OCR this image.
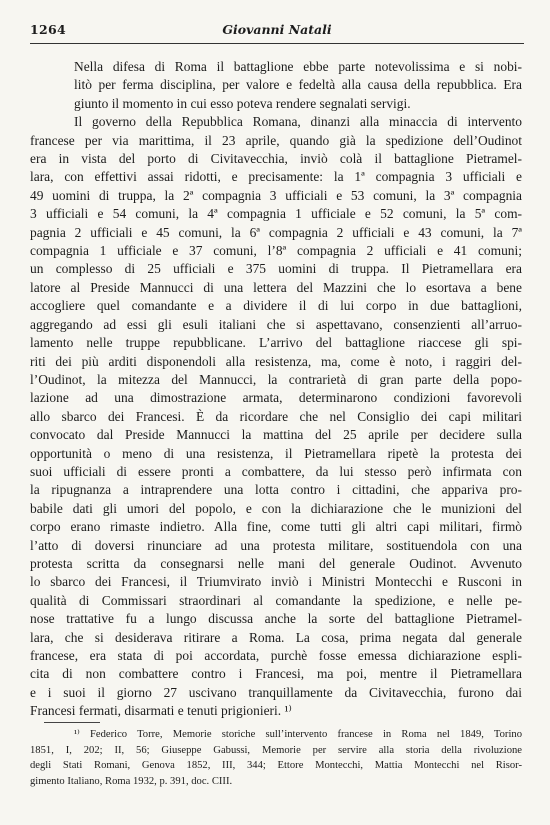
1264	Giovanni Natali

Nella difesa di Roma il battaglione ebbe parte notevolissima e si nobi-
litò per ferma disciplina, per valore e fedeltà alla causa della repubblica. Era
giunto il momento in cui esso poteva rendere segnalati servigi.

Il governo della Repubblica Romana, dinanzi alla minaccia di intervento
francese per via marittima, il 23 aprile, quando già la spedizione dell’Oudinot
era in vista del porto di Civitavecchia, inviò colà il battaglione Pietramel-
lara, con effettivi assai ridotti, e precisamente: la 1ª compagnia 3 ufficiali e
49 uomini di truppa, la 2ª compagnia 3 ufficiali e 53 comuni, la 3ª compagnia
3 ufficiali e 54 comuni, la 4ª compagnia 1 ufficiale e 52 comuni, la 5ª com-
pagnia 2 ufficiali e 45 comuni, la 6ª compagnia 2 ufficiali e 43 comuni, la 7ª
compagnia 1 ufficiale e 37 comuni, l’8ª compagnia 2 ufficiali e 41 comuni;
un complesso di 25 ufficiali e 375 uomini di truppa. Il Pietramellara era
latore al Preside Mannucci di una lettera del Mazzini che lo esortava a bene
accogliere quel comandante e a dividere il di lui corpo in due battaglioni,
aggregando ad essi gli esuli italiani che si aspettavano, consenzienti all’arruo-
lamento nelle truppe repubblicane. L’arrivo del battaglione riaccese gli spi-
riti dei più arditi disponendoli alla resistenza, ma, come è noto, i raggiri del-
l’Oudinot, la mitezza del Mannucci, la contrarietà di gran parte della popo-
lazione ad una dimostrazione armata, determinarono condizioni favorevoli
allo sbarco dei Francesi. È da ricordare che nel Consiglio dei capi militari
convocato dal Preside Mannucci la mattina del 25 aprile per decidere sulla
opportunità o meno di una resistenza, il Pietramellara ripetè la protesta dei
suoi ufficiali di essere pronti a combattere, da lui stesso però infirmata con
la ripugnanza a intraprendere una lotta contro i cittadini, che appariva pro-
babile dati gli umori del popolo, e con la dichiarazione che le munizioni del
corpo erano rimaste indietro. Alla fine, come tutti gli altri capi militari, firmò
l’atto di doversi rinunciare ad una protesta militare, sostituendola con una
protesta scritta da consegnarsi nelle mani del generale Oudinot. Avvenuto
lo sbarco dei Francesi, il Triumvirato inviò i Ministri Montecchi e Rusconi in
qualità di Commissari straordinari al comandante la spedizione, e nelle pe-
nose trattative fu a lungo discussa anche la sorte del battaglione Pietramel-
lara, che si desiderava ritirare a Roma. La cosa, prima negata dal generale
francese, era stata di poi accordata, purchè fosse emessa dichiarazione espli-
cita di non combattere contro i Francesi, ma poi, mentre il Pietramellara
e i suoi il giorno 27 uscivano tranquillamente da Civitavecchia, furono dai
Francesi fermati, disarmati e tenuti prigionieri. ¹⁾

¹⁾ Federico Torre, Memorie storiche sull’intervento francese in Roma nel 1849, Torino
1851, I, 202; II, 56; Giuseppe Gabussi, Memorie per servire alla storia della rivoluzione
degli Stati Romani, Genova 1852, III, 344; Ettore Montecchi, Mattia Montecchi nel Risor-
gimento Italiano, Roma 1932, p. 391, doc. CIII.
